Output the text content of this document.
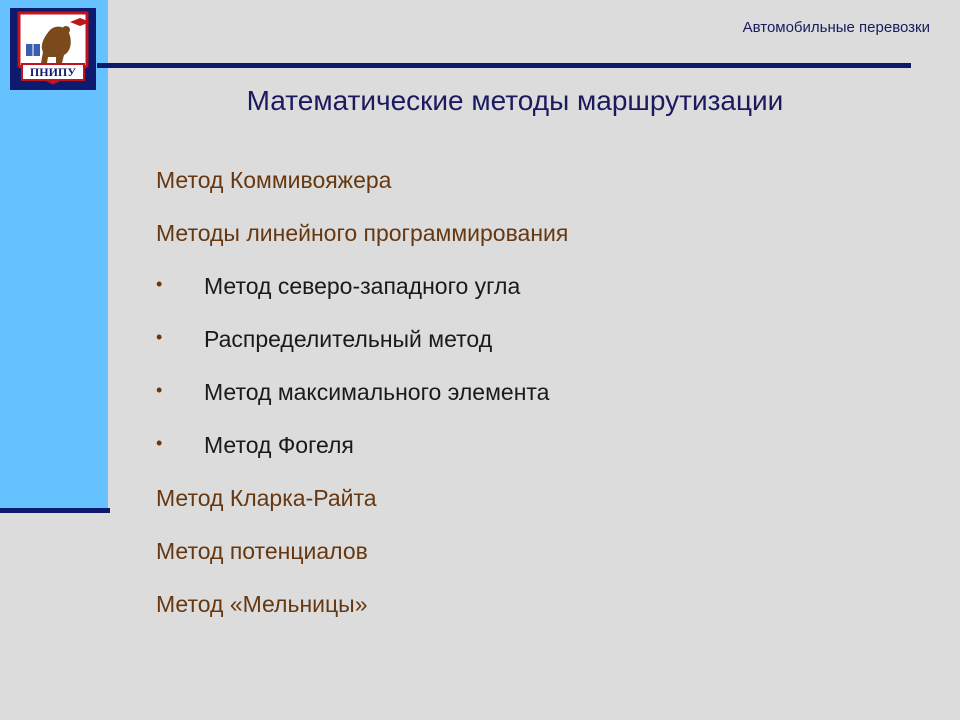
ПНИПУ
Автомобильные перевозки
Математические методы маршрутизации
Метод Коммивояжера
Методы линейного программирования
• Метод северо-западного угла
• Распределительный метод
• Метод максимального элемента
• Метод Фогеля
Метод Кларка-Райта
Метод потенциалов
Метод «Мельницы»
